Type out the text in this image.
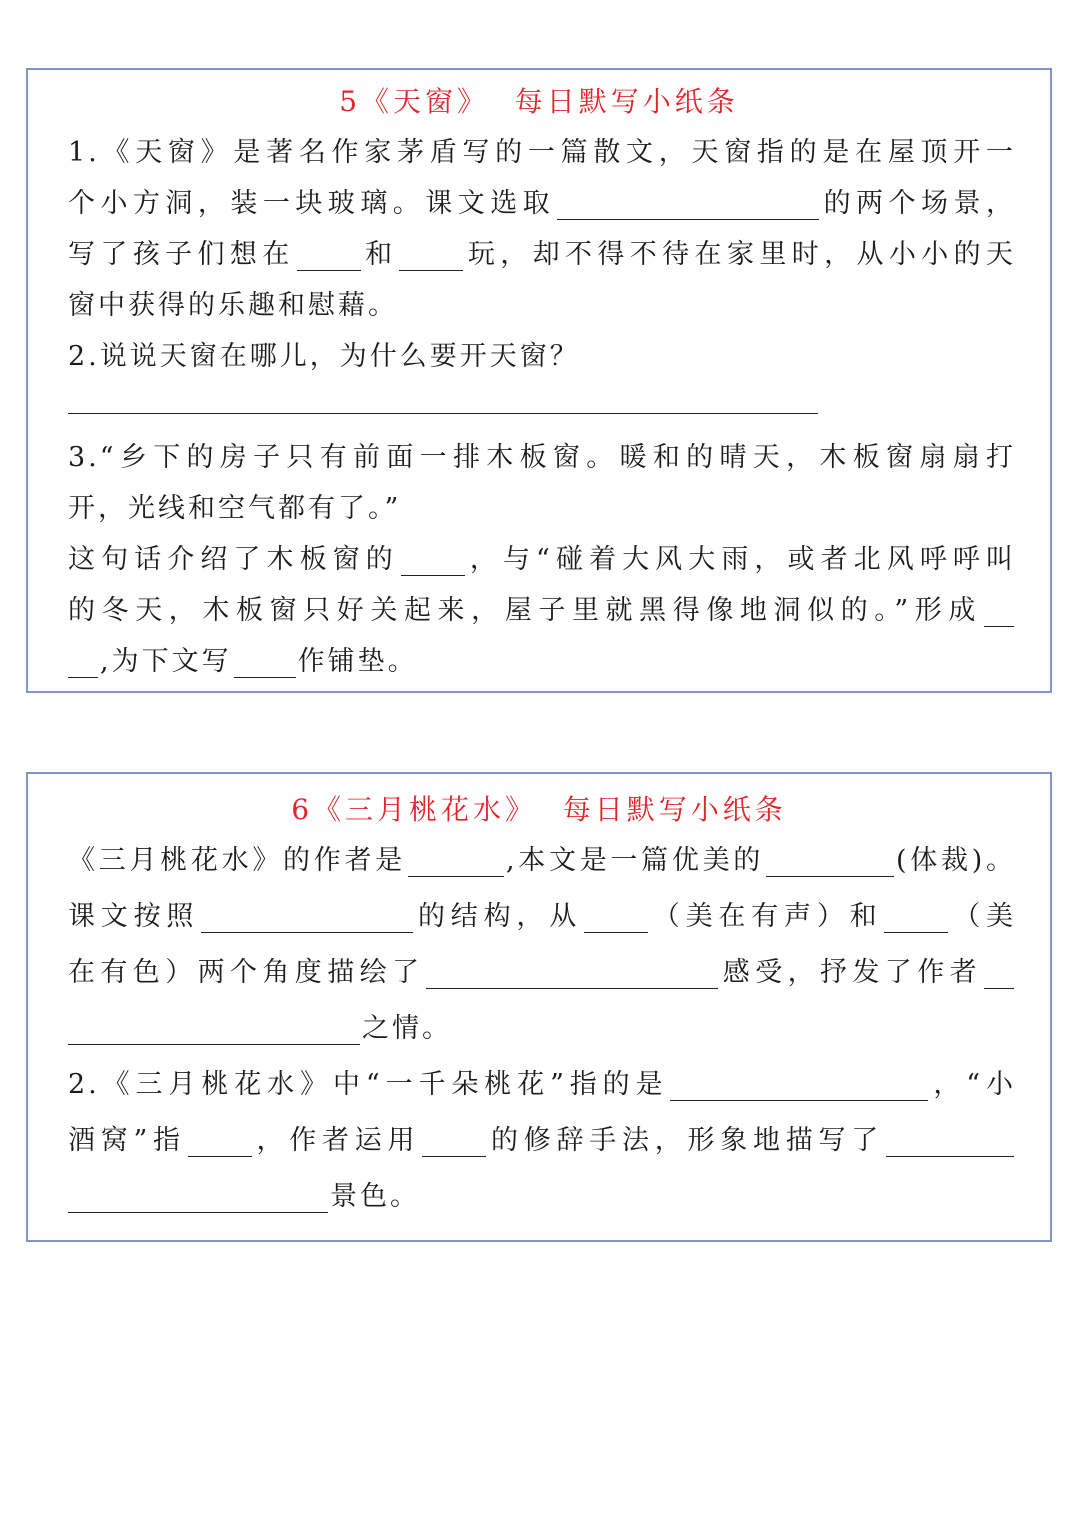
5《天窗》  每日默写小纸条
1.《天窗》是著名作家茅盾写的一篇散文，天窗指的是在屋顶开一
个小方洞，装一块玻璃。课文选取	的两个场景，
写了孩子们想在	和	玩，却不得不待在家里时，从小小的天
窗中获得的乐趣和慰藉。
2.说说天窗在哪儿，为什么要开天窗？
3.“乡下的房子只有前面一排木板窗。暖和的晴天，木板窗扇扇打
开，光线和空气都有了。”
这句话介绍了木板窗的	，与“碰着大风大雨，或者北风呼呼叫
的冬天，木板窗只好关起来，屋子里就黑得像地洞似的。”形成
,为下文写 作铺垫。
6《三月桃花水》  每日默写小纸条
《三月桃花水》的作者是	,本文是一篇优美的	(体裁)。
课文按照	的结构，从	（美在有声）和	（美
在有色）两个角度描绘了	感受，抒发了作者
之情。
2.《三月桃花水》中“一千朵桃花”指的是	，“小
酒窝”指	，作者运用	的修辞手法，形象地描写了
景色。
